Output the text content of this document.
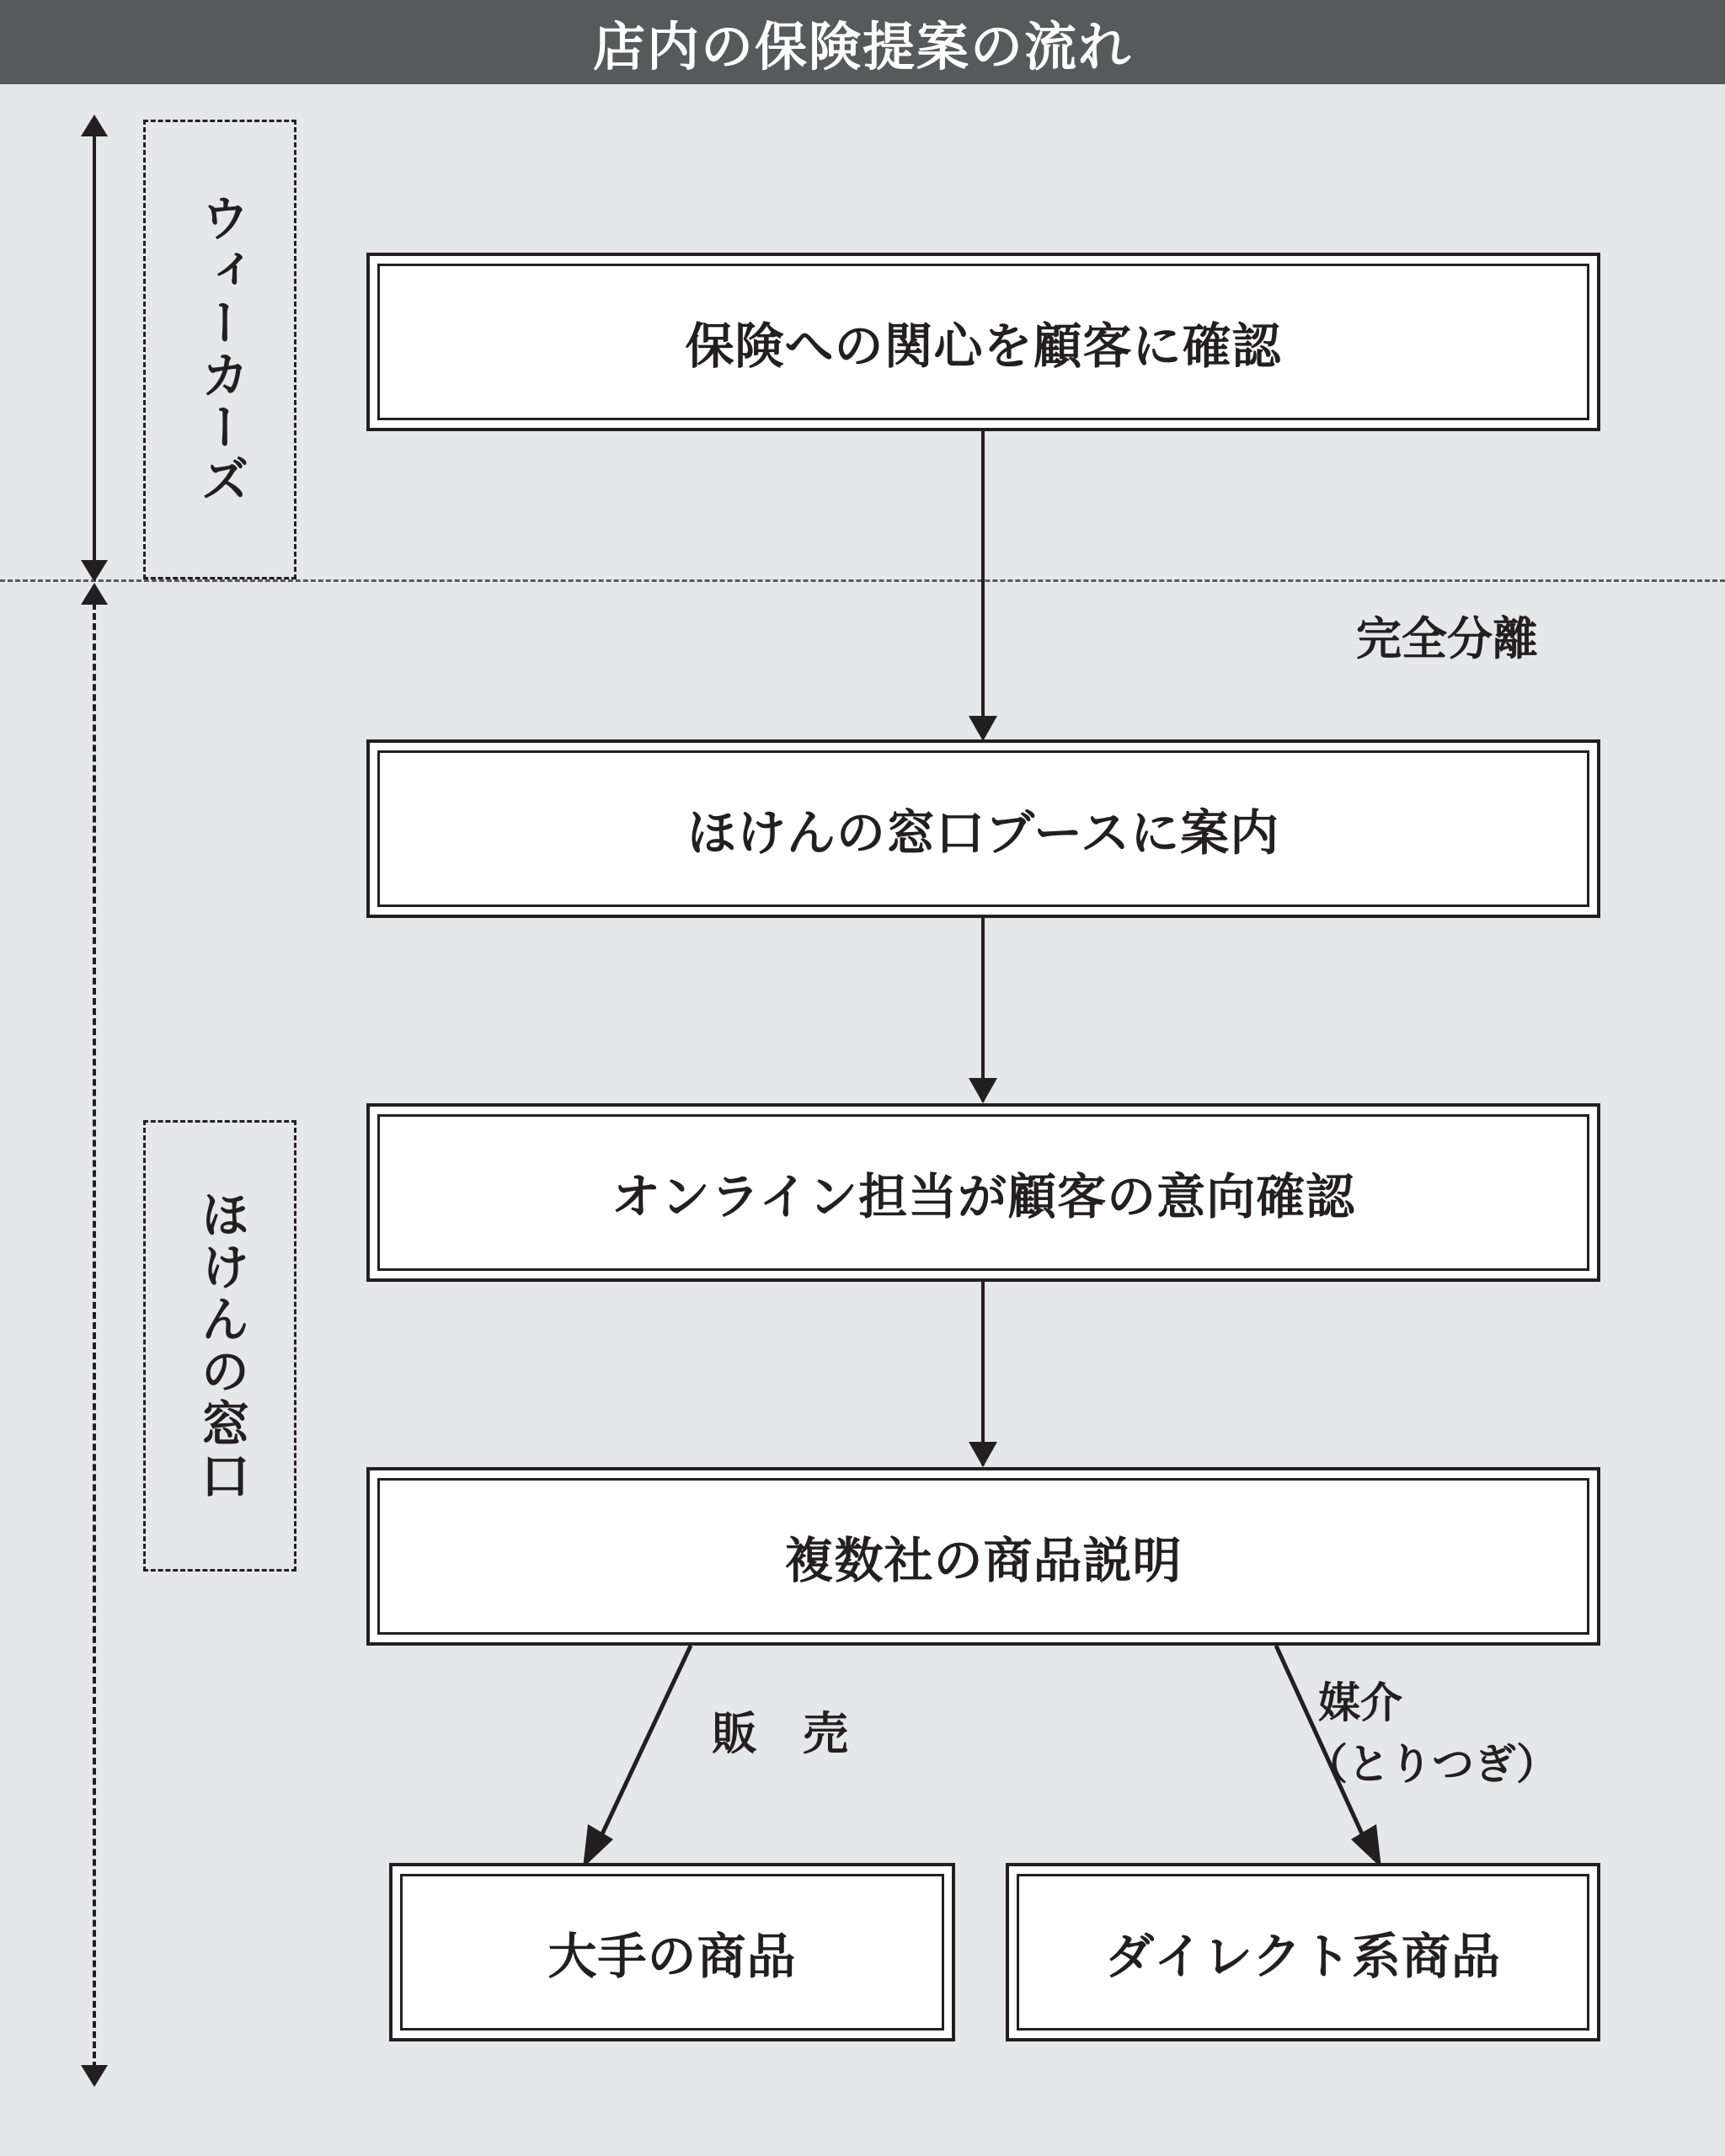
店内の保険提案の流れ
ウィーカーズ
ほけんの窓口
完全分離
保険への関心を顧客に確認
ほけんの窓口ブースに案内
オンライン担当が顧客の意向確認
複数社の商品説明
販　売
媒介
（とりつぎ）
大手の商品	ダイレクト系商品
